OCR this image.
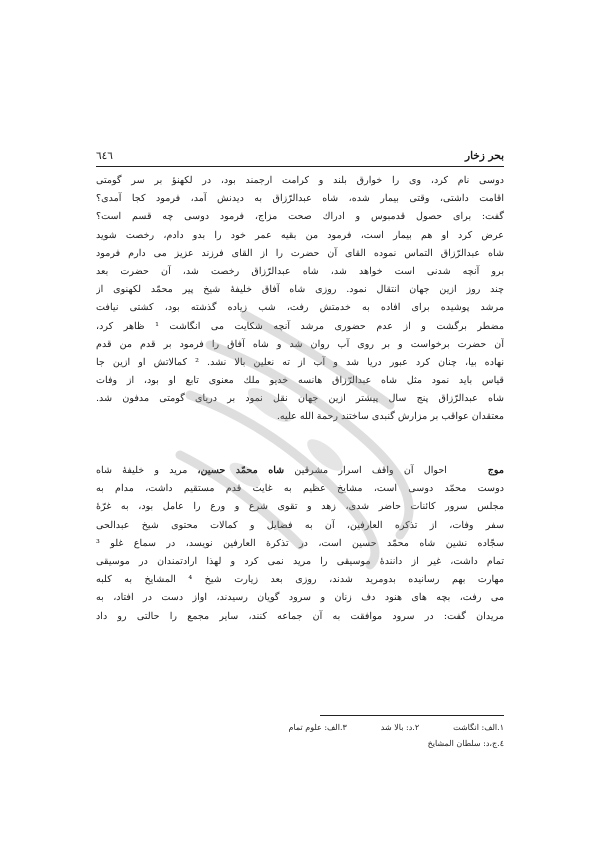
بحر زخار
٦٤٦
دوسی نام کرد، وی را خوارق بلند و کرامت ارجمند بود، در لکهنؤ بر سر گومتی
اقامت داشتی، وقتی بیمار شده، شاه عبدالرّزاق به دیدنش آمد، فرمود کجا آمدی؟
گفت: برای حصول قدمبوس و ادراك صحت مزاج، فرمود دوسی چه قسم است؟
عرض کرد او هم بیمار است، فرمود من بقیه عمر خود را بدو دادم، رخصت شوید
شاه عبدالرّزاق التماس نموده القای آن حضرت را از القای فرزند عزیز می دارم فرمود
برو آنچه شدنی است خواهد شد، شاه عبدالرّزاق رخصت شد، آن حضرت بعد
چند روز ازین جهان انتقال نمود. روزی شاه آفاق خلیفهٔ شیخ پیر محمّد لکهنوی از
مرشد پوشیده برای افاده به خدمتش رفت، شب زیاده گذشته بود، کشتی نیافت
مضطر برگشت و از عدم حضوری مرشد آنچه شکایت می انگاشت ¹ ظاهر کرد،
آن حضرت برخواست و بر روی آب روان شد و شاه آفاق را فرمود بر قدم من قدم
نهاده بیا، چنان کرد عبور دریا شد و آب از ته نعلین بالا نشد. ² کمالاتش او ازین جا
قیاس باید نمود مثل شاه عبدالرّزاق هانسه خدیو ملك معنوی تابع او بود، از وفات
شاه عبدالرّزاق پنج سال پیشتر ازین جهان نقل نمود بر دریای گومتی مدفون شد.
معتقدان عواقب بر مزارش گنبدی ساختند رحمة الله علیه.
موج    احوال آن واقف اسرار مشرقین شاه محمّد حسین، مرید و خلیفهٔ شاه
دوست محمّد دوسی است، مشایخ عظیم به غایت قدم مستقیم داشت، مدام به
مجلس سرور کائنات حاضر شدی، زهد و تقوی شرع و ورع را عامل بود، به غرّهٔ
سفر وفات، از تذکره العارفین، آن به فضایل و کمالات محتوی شیخ عبدالحی
سجّاده نشین شاه محمّد حسین است، در تذکرة العارفین نویسد، در سماع غلو ³
تمام داشت، غیر از دانندهٔ موسیقی را مرید نمی کرد و لهذا ارادتمندان در موسیقی
مهارت بهم رسانیده بدومرید شدند، روزی بعد زیارت شیخ ⁴ المشایخ به کلبه
می رفت، بچه های هنود دف زنان و سرود گویان رسیدند، اواز دست در افتاد، به
مریدان گفت: در سرود موافقت به آن جماعه کنند، سایر مجمع را حالتی رو داد
١.الف: انگاشت
٢.د: بالا شد
٣.الف: علوم تمام
٤.ج،د: سلطان المشایخ
